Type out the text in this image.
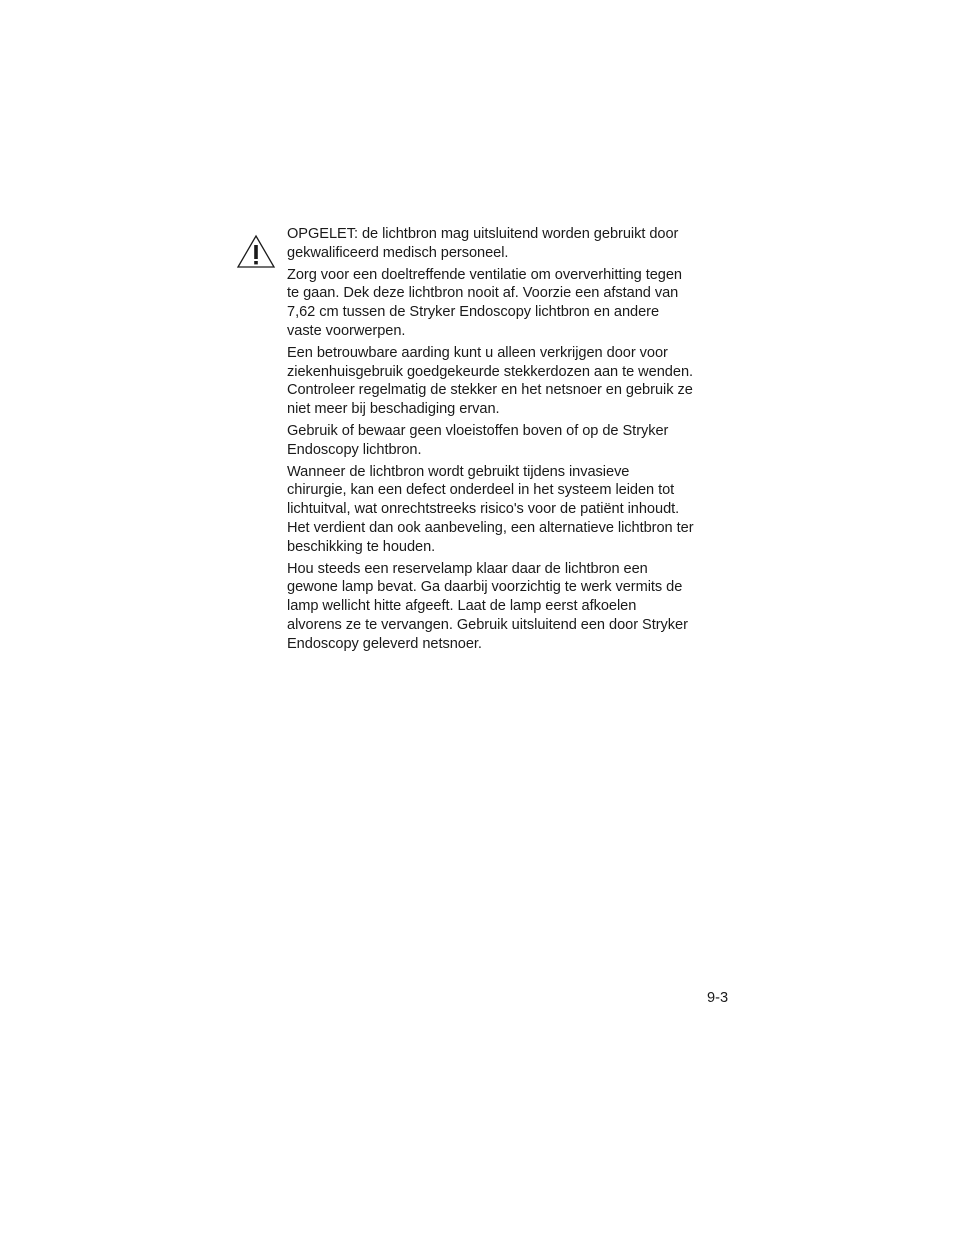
OPGELET: de lichtbron mag uitsluitend worden gebruikt door
gekwalificeerd medisch personeel.

Zorg voor een doeltreffende ventilatie om oververhitting tegen
te gaan. Dek deze lichtbron nooit af. Voorzie een afstand van
7,62 cm tussen de Stryker Endoscopy lichtbron en andere
vaste voorwerpen.

Een betrouwbare aarding kunt u alleen verkrijgen door voor
ziekenhuisgebruik goedgekeurde stekkerdozen aan te wenden.
Controleer regelmatig de stekker en het netsnoer en gebruik ze
niet meer bij beschadiging ervan.

Gebruik of bewaar geen vloeistoffen boven of op de Stryker
Endoscopy lichtbron.

Wanneer de lichtbron wordt gebruikt tijdens invasieve
chirurgie, kan een defect onderdeel in het systeem leiden tot
lichtuitval, wat onrechtstreeks risico's voor de patiënt inhoudt.
Het verdient dan ook aanbeveling, een alternatieve lichtbron ter
beschikking te houden.

Hou steeds een reservelamp klaar daar de lichtbron een
gewone lamp bevat. Ga daarbij voorzichtig te werk vermits de
lamp wellicht hitte afgeeft. Laat de lamp eerst afkoelen
alvorens ze te vervangen. Gebruik uitsluitend een door Stryker
Endoscopy geleverd netsnoer.

9-3
